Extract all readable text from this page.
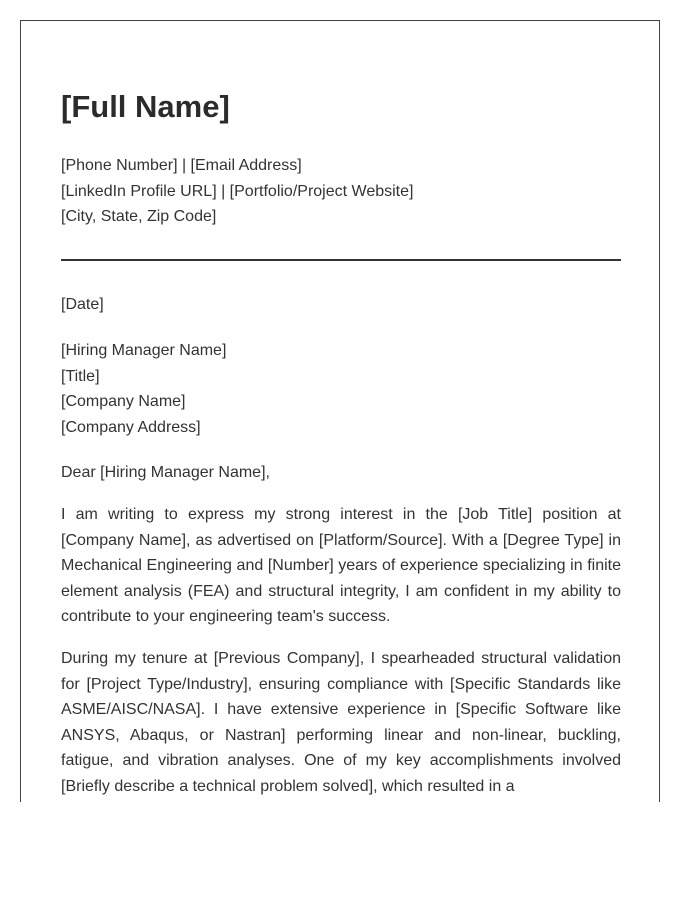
[Full Name]
[Phone Number] | [Email Address]
[LinkedIn Profile URL] | [Portfolio/Project Website]
[City, State, Zip Code]
[Date]
[Hiring Manager Name]
[Title]
[Company Name]
[Company Address]
Dear [Hiring Manager Name],

I am writing to express my strong interest in the [Job Title] position at [Company Name], as advertised on [Platform/Source]. With a [Degree Type] in Mechanical Engineering and [Number] years of experience specializing in finite element analysis (FEA) and structural integrity, I am confident in my ability to contribute to your engineering team's success.

During my tenure at [Previous Company], I spearheaded structural validation for [Project Type/Industry], ensuring compliance with [Specific Standards like ASME/AISC/NASA]. I have extensive experience in [Specific Software like ANSYS, Abaqus, or Nastran] performing linear and non-linear, buckling, fatigue, and vibration analyses. One of my key accomplishments involved [Briefly describe a technical problem solved], which resulted in a
